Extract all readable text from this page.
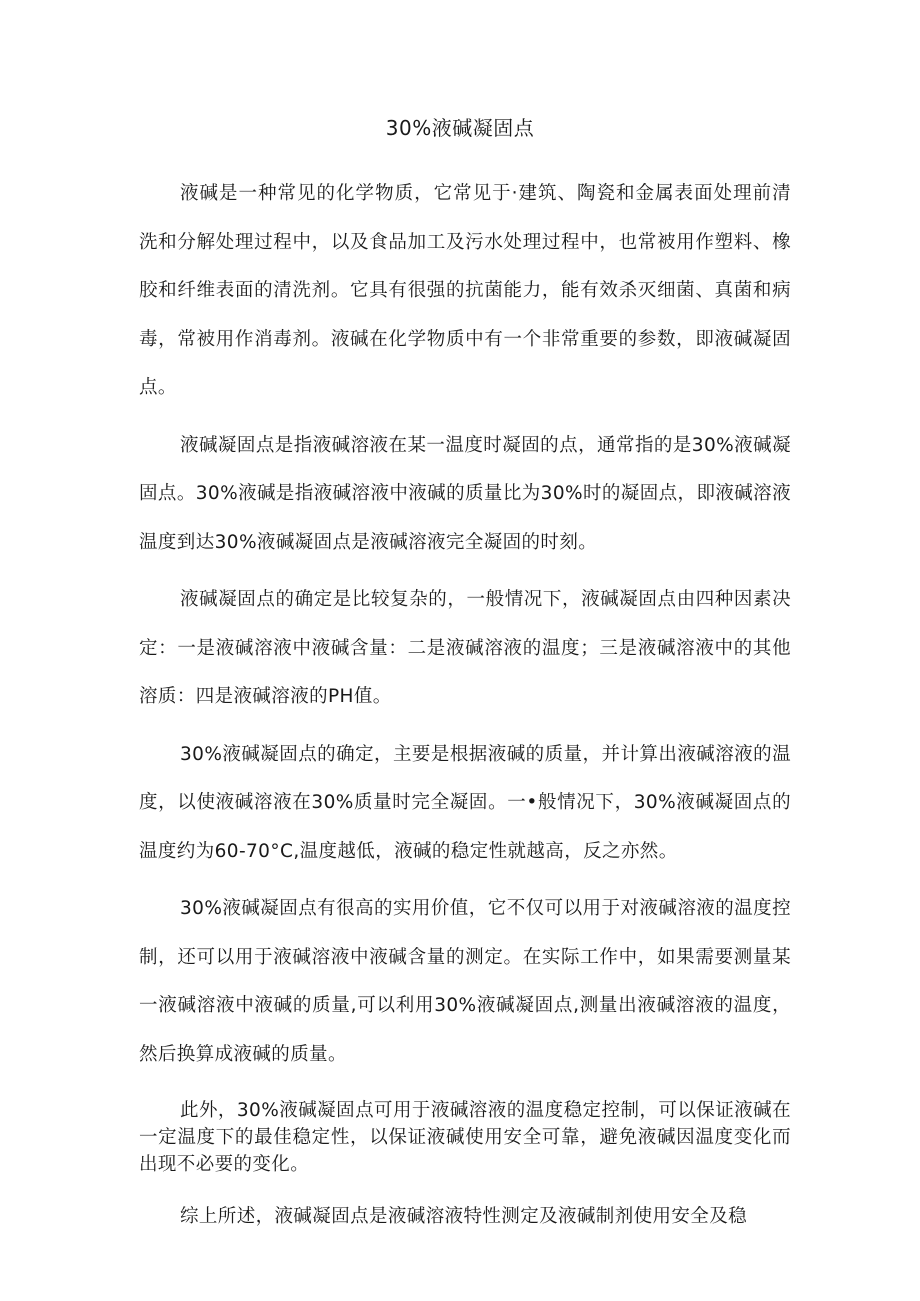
30%液碱凝固点

液碱是一种常见的化学物质，它常见于·建筑、陶瓷和金属表面处理前清洗和分解处理过程中，以及食品加工及污水处理过程中，也常被用作塑料、橡胶和纤维表面的清洗剂。它具有很强的抗菌能力，能有效杀灭细菌、真菌和病毒，常被用作消毒剂。液碱在化学物质中有一个非常重要的参数，即液碱凝固点。

液碱凝固点是指液碱溶液在某一温度时凝固的点，通常指的是30%液碱凝固点。30%液碱是指液碱溶液中液碱的质量比为30%时的凝固点，即液碱溶液温度到达30%液碱凝固点是液碱溶液完全凝固的时刻。

液碱凝固点的确定是比较复杂的，一般情况下，液碱凝固点由四种因素决定：一是液碱溶液中液碱含量：二是液碱溶液的温度；三是液碱溶液中的其他溶质：四是液碱溶液的PH值。

30%液碱凝固点的确定，主要是根据液碱的质量，并计算出液碱溶液的温度，以使液碱溶液在30%质量时完全凝固。一•般情况下，30%液碱凝固点的温度约为60-70°C,温度越低，液碱的稳定性就越高，反之亦然。

30%液碱凝固点有很高的实用价值，它不仅可以用于对液碱溶液的温度控制，还可以用于液碱溶液中液碱含量的测定。在实际工作中，如果需要测量某一液碱溶液中液碱的质量,可以利用30%液碱凝固点,测量出液碱溶液的温度，然后换算成液碱的质量。

此外，30%液碱凝固点可用于液碱溶液的温度稳定控制，可以保证液碱在一定温度下的最佳稳定性，以保证液碱使用安全可靠，避免液碱因温度变化而出现不必要的变化。

综上所述，液碱凝固点是液碱溶液特性测定及液碱制剂使用安全及稳
